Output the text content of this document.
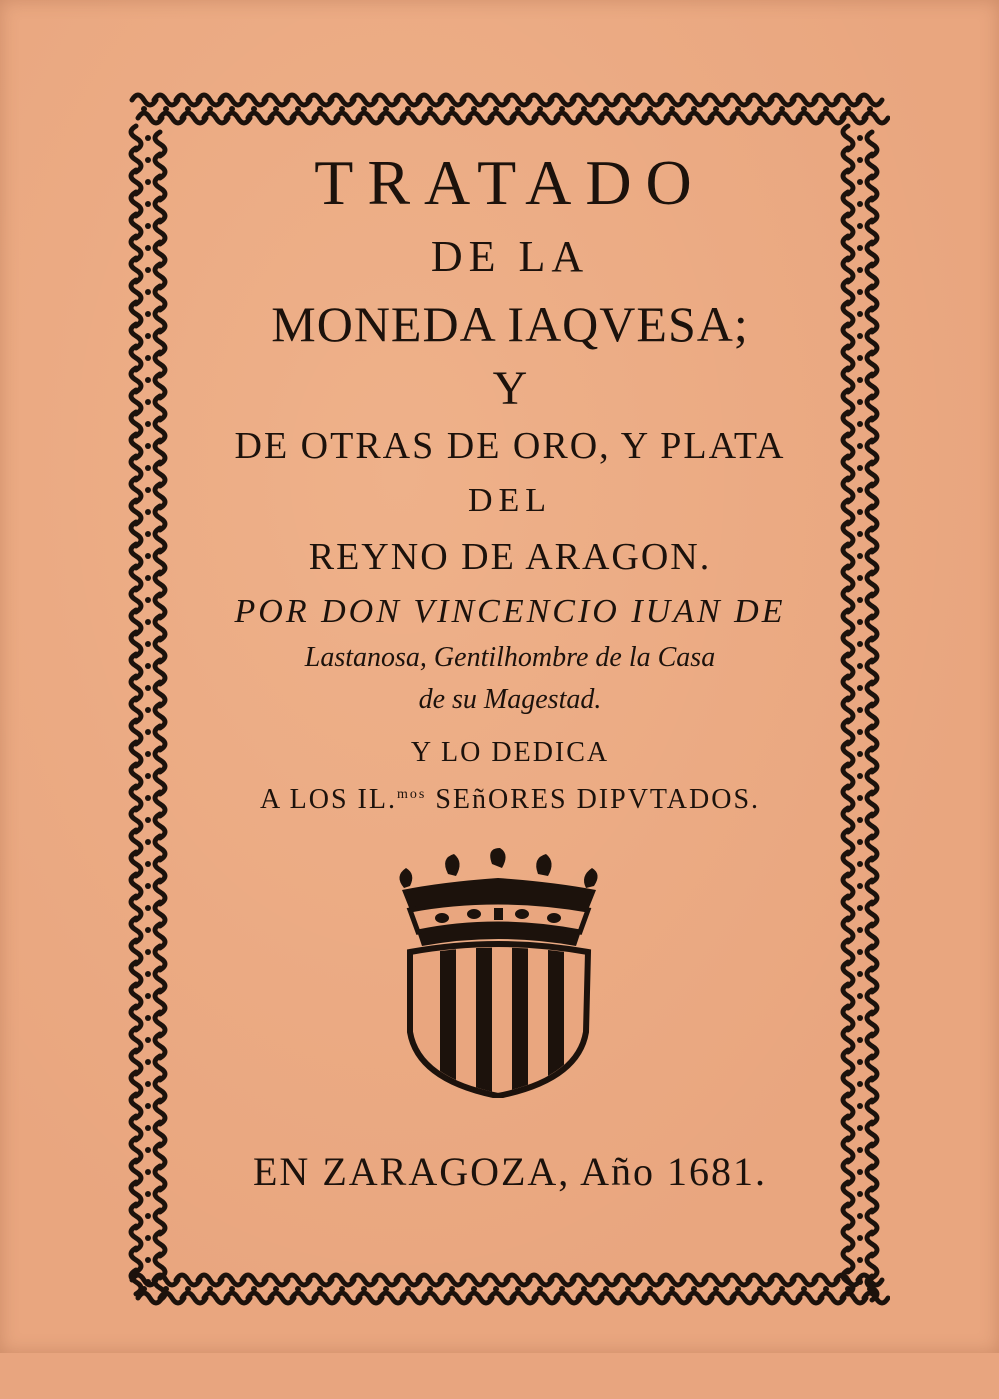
TRATADO
DE LA
MONEDA IAQVESA;
Y
DE OTRAS DE ORO, Y PLATA
DEL
REYNO DE ARAGON.
POR DON VINCENCIO IUAN DE
Lastanosa, Gentilhombre de la Casa
de su Magestad.
Y LO DEDICA
A LOS IL.$^{mos}$ SEñORES DIPVTADOS.
EN ZARAGOZA, Año 1681.
